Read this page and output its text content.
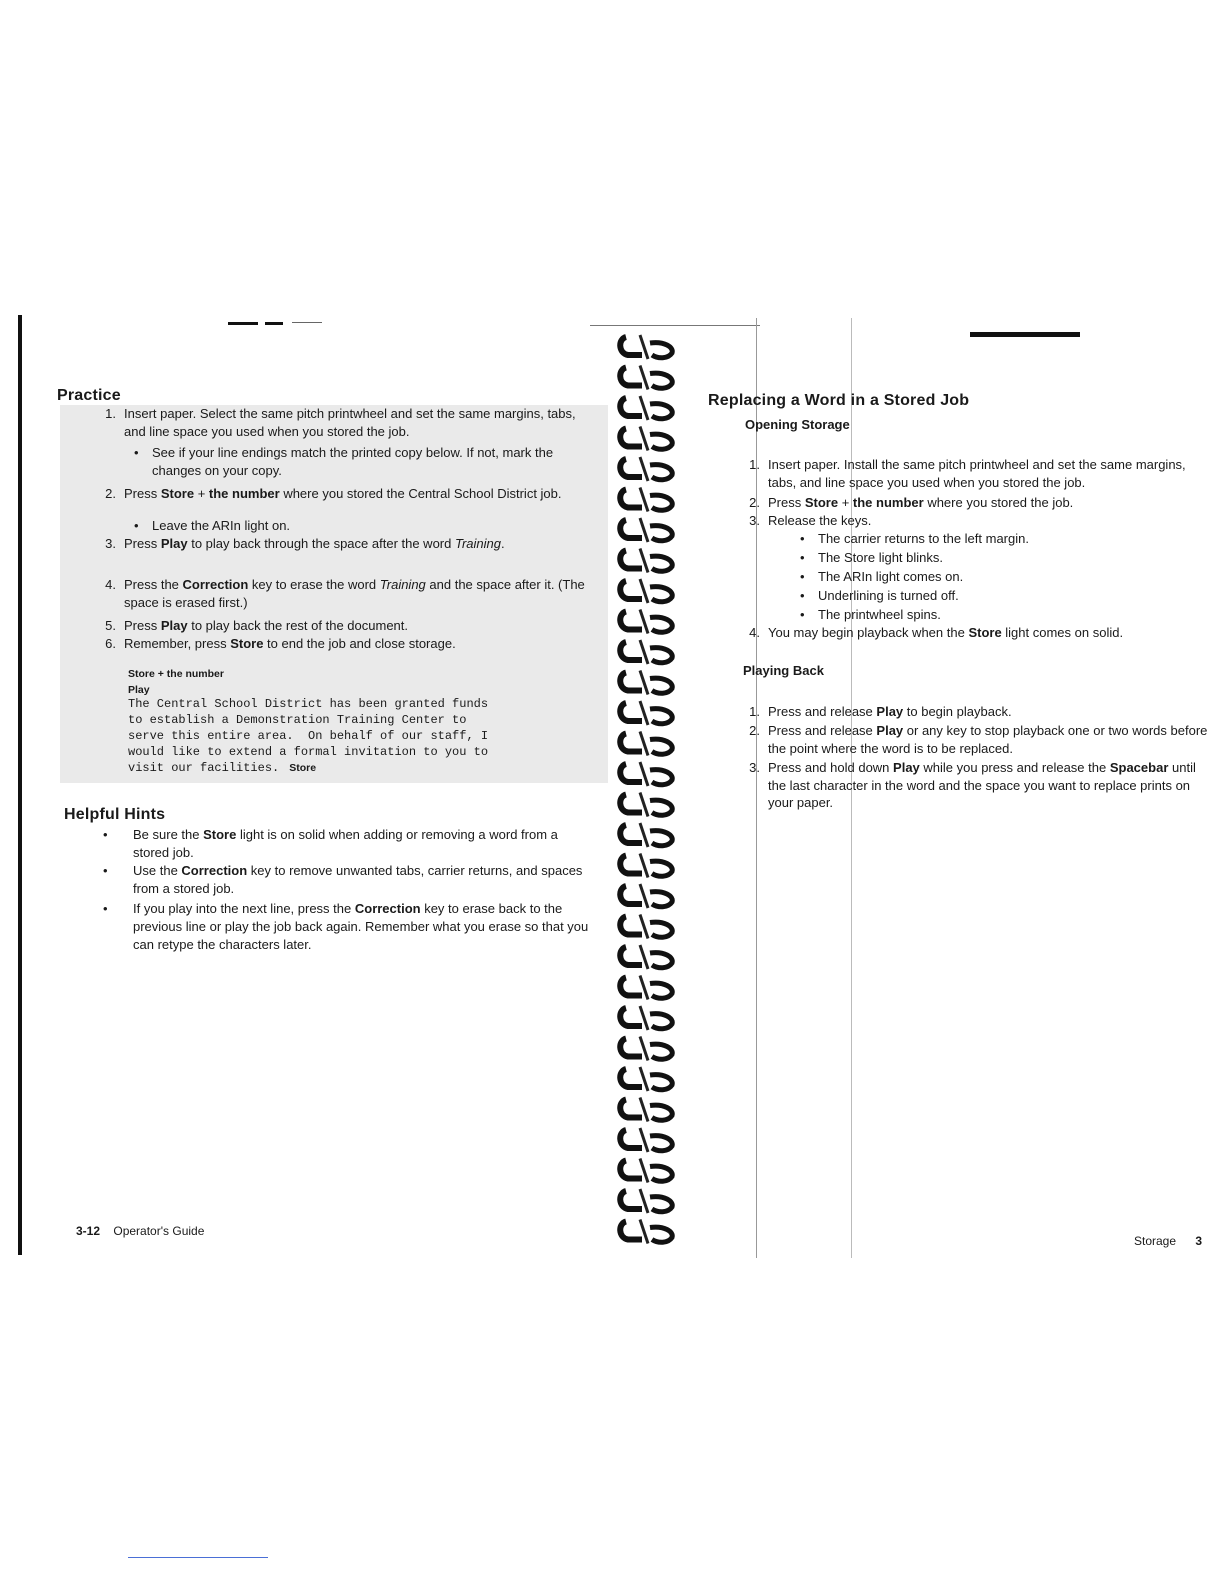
Practice
1. Insert paper. Select the same pitch printwheel and set the same margins, tabs, and line space you used when you stored the job.
• See if your line endings match the printed copy below. If not, mark the changes on your copy.
2. Press Store + the number where you stored the Central School District job.
• Leave the ARIn light on.
3. Press Play to play back through the space after the word Training.
4. Press the Correction key to erase the word Training and the space after it. (The space is erased first.)
5. Press Play to play back the rest of the document.
6. Remember, press Store to end the job and close storage.
Store + the number
Play
The Central School District has been granted funds
to establish a Demonstration Training Center to
serve this entire area.  On behalf of our staff, I
would like to extend a formal invitation to you to
visit our facilities. Store
Helpful Hints
• Be sure the Store light is on solid when adding or removing a word from a stored job.
• Use the Correction key to remove unwanted tabs, carrier returns, and spaces from a stored job.
• If you play into the next line, press the Correction key to erase back to the previous line or play the job back again. Remember what you erase so that you can retype the characters later.
3-12 Operator's Guide
Replacing a Word in a Stored Job
Opening Storage
1. Insert paper. Install the same pitch printwheel and set the same margins, tabs, and line space you used when you stored the job.
2. Press Store + the number where you stored the job.
3. Release the keys.
• The carrier returns to the left margin.
• The Store light blinks.
• The ARIn light comes on.
• Underlining is turned off.
• The printwheel spins.
4. You may begin playback when the Store light comes on solid.
Playing Back
1. Press and release Play to begin playback.
2. Press and release Play or any key to stop playback one or two words before the point where the word is to be replaced.
3. Press and hold down Play while you press and release the Spacebar until the last character in the word and the space you want to replace prints on your paper.
Storage 3
